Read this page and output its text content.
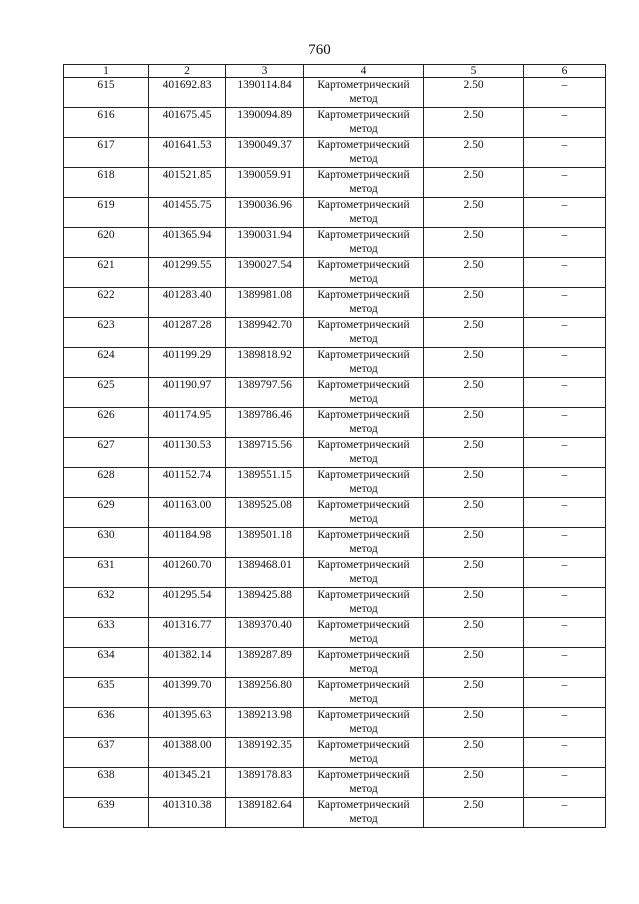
760
1	2	3	4	5	6
615	401692.83	1390114.84	Картометрический метод	2.50	–
616	401675.45	1390094.89	Картометрический метод	2.50	–
617	401641.53	1390049.37	Картометрический метод	2.50	–
618	401521.85	1390059.91	Картометрический метод	2.50	–
619	401455.75	1390036.96	Картометрический метод	2.50	–
620	401365.94	1390031.94	Картометрический метод	2.50	–
621	401299.55	1390027.54	Картометрический метод	2.50	–
622	401283.40	1389981.08	Картометрический метод	2.50	–
623	401287.28	1389942.70	Картометрический метод	2.50	–
624	401199.29	1389818.92	Картометрический метод	2.50	–
625	401190.97	1389797.56	Картометрический метод	2.50	–
626	401174.95	1389786.46	Картометрический метод	2.50	–
627	401130.53	1389715.56	Картометрический метод	2.50	–
628	401152.74	1389551.15	Картометрический метод	2.50	–
629	401163.00	1389525.08	Картометрический метод	2.50	–
630	401184.98	1389501.18	Картометрический метод	2.50	–
631	401260.70	1389468.01	Картометрический метод	2.50	–
632	401295.54	1389425.88	Картометрический метод	2.50	–
633	401316.77	1389370.40	Картометрический метод	2.50	–
634	401382.14	1389287.89	Картометрический метод	2.50	–
635	401399.70	1389256.80	Картометрический метод	2.50	–
636	401395.63	1389213.98	Картометрический метод	2.50	–
637	401388.00	1389192.35	Картометрический метод	2.50	–
638	401345.21	1389178.83	Картометрический метод	2.50	–
639	401310.38	1389182.64	Картометрический метод	2.50	–
